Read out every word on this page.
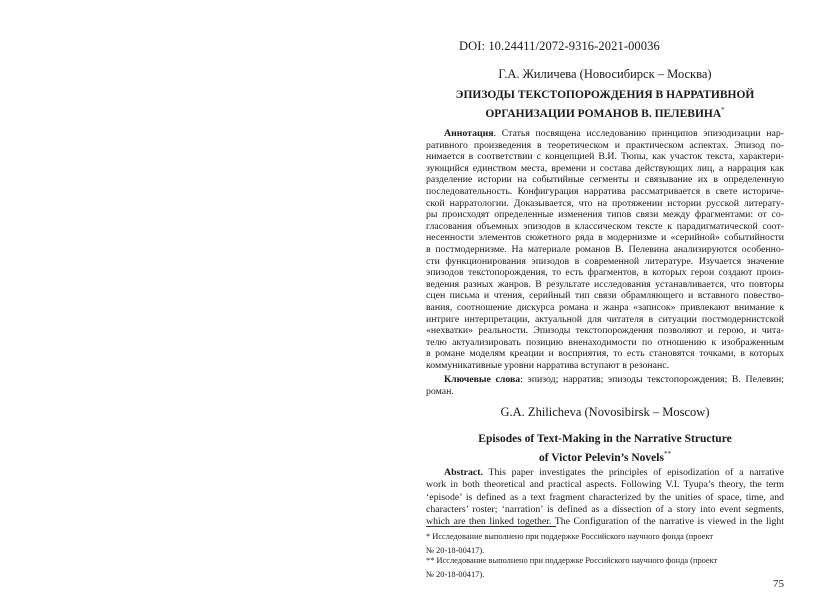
DOI: 10.24411/2072-9316-2021-00036
Г.А. Жиличева (Новосибирск – Москва)
ЭПИЗОДЫ ТЕКСТОПОРОЖДЕНИЯ В НАРРАТИВНОЙ
ОРГАНИЗАЦИИ РОМАНОВ В. ПЕЛЕВИНА*
Аннотация. Статья посвящена исследованию принципов эпизодизации нар-
ративного произведения в теоретическом и практическом аспектах. Эпизод по-
нимается в соответствии с концепцией В.И. Тюпы, как участок текста, характери-
зующийся единством места, времени и состава действующих лиц, а наррация как
разделение истории на событийные сегменты и связывание их в определенную
последовательность. Конфигурация нарратива рассматривается в свете историче-
ской нарратологии. Доказывается, что на протяжении истории русской литерату-
ры происходят определенные изменения типов связи между фрагментами: от со-
гласования объемных эпизодов в классическом тексте к парадигматической соот-
несенности элементов сюжетного ряда в модернизме и «серийной» событийности
в постмодернизме. На материале романов В. Пелевина анализируются особенно-
сти функционирования эпизодов в современной литературе. Изучается значение
эпизодов текстопорождения, то есть фрагментов, в которых герои создают произ-
ведения разных жанров. В результате исследования устанавливается, что повторы
сцен письма и чтения, серийный тип связи обрамляющего и вставного повество-
вания, соотношение дискурса романа и жанра «записок» привлекают внимание к
интриге интерпретации, актуальной для читателя в ситуации постмодернистской
«нехватки» реальности. Эпизоды текстопорождения позволяют и герою, и чита-
телю актуализировать позицию вненаходимости по отношению к изображенным
в романе моделям креации и восприятия, то есть становятся точками, в которых
коммуникативные уровни нарратива вступают в резонанс.
Ключевые слова: эпизод; нарратив; эпизоды текстопорождения; В. Пелевин;
роман.
G.A. Zhilicheva (Novosibirsk – Moscow)
Episodes of Text-Making in the Narrative Structure
of Victor Pelevin’s Novels**
Abstract. This paper investigates the principles of episodization of a narrative
work in both theoretical and practical aspects. Following V.I. Tyupa’s theory, the term
‘episode’ is defined as a text fragment characterized by the unities of space, time, and
characters’ roster; ‘narration’ is defined as a dissection of a story into event segments,
which are then linked together. The Configuration of the narrative is viewed in the light
* Исследование выполнено при поддержке Российского научного фонда (проект
№ 20-18-00417).
** Исследование выполнено при поддержке Российского научного фонда (проект
№ 20-18-00417).
75
